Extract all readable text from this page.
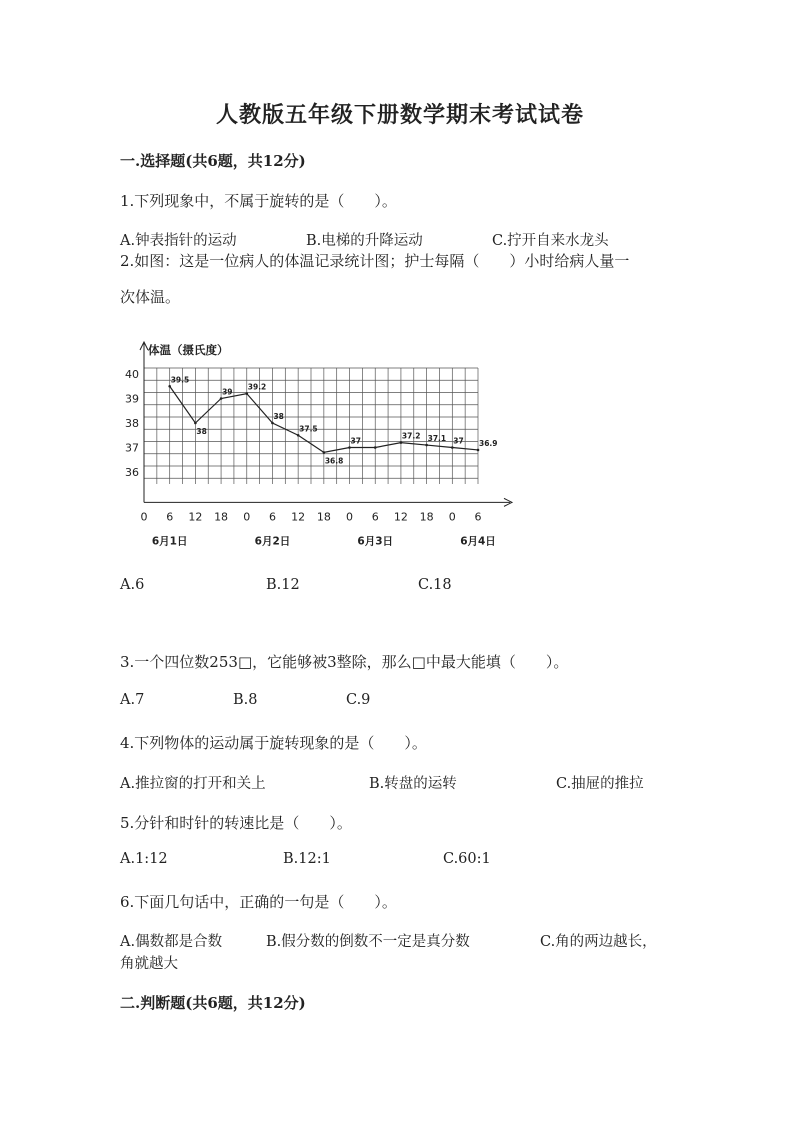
人教版五年级下册数学期末考试试卷
一.选择题(共6题，共12分)
1.下列现象中，不属于旋转的是（　　）。
A.钟表指针的运动	B.电梯的升降运动	C.拧开自来水龙头
2.如图：这是一位病人的体温记录统计图；护士每隔（　　）小时给病人量一
次体温。
体温（摄氏度）
36
37
38
39
40
0 6 12 18 0 6 12 18 0 6 12 18 0 6
6月1日	6月2日	6月3日	6月4日
39.5
38
39
39.2
38
37.5
36.8
37
37.2 37.1 37 36.9
A.6	B.12	C.18
3.一个四位数253□，它能够被3整除，那么□中最大能填（　　）。
A.7	B.8	C.9
4.下列物体的运动属于旋转现象的是（　　）。
A.推拉窗的打开和关上	B.转盘的运转	C.抽屉的推拉
5.分针和时针的转速比是（　　）。
A.1:12	B.12:1	C.60:1
6.下面几句话中，正确的一句是（　　）。
A.偶数都是合数	B.假分数的倒数不一定是真分数	C.角的两边越长，
角就越大
二.判断题(共6题，共12分)
